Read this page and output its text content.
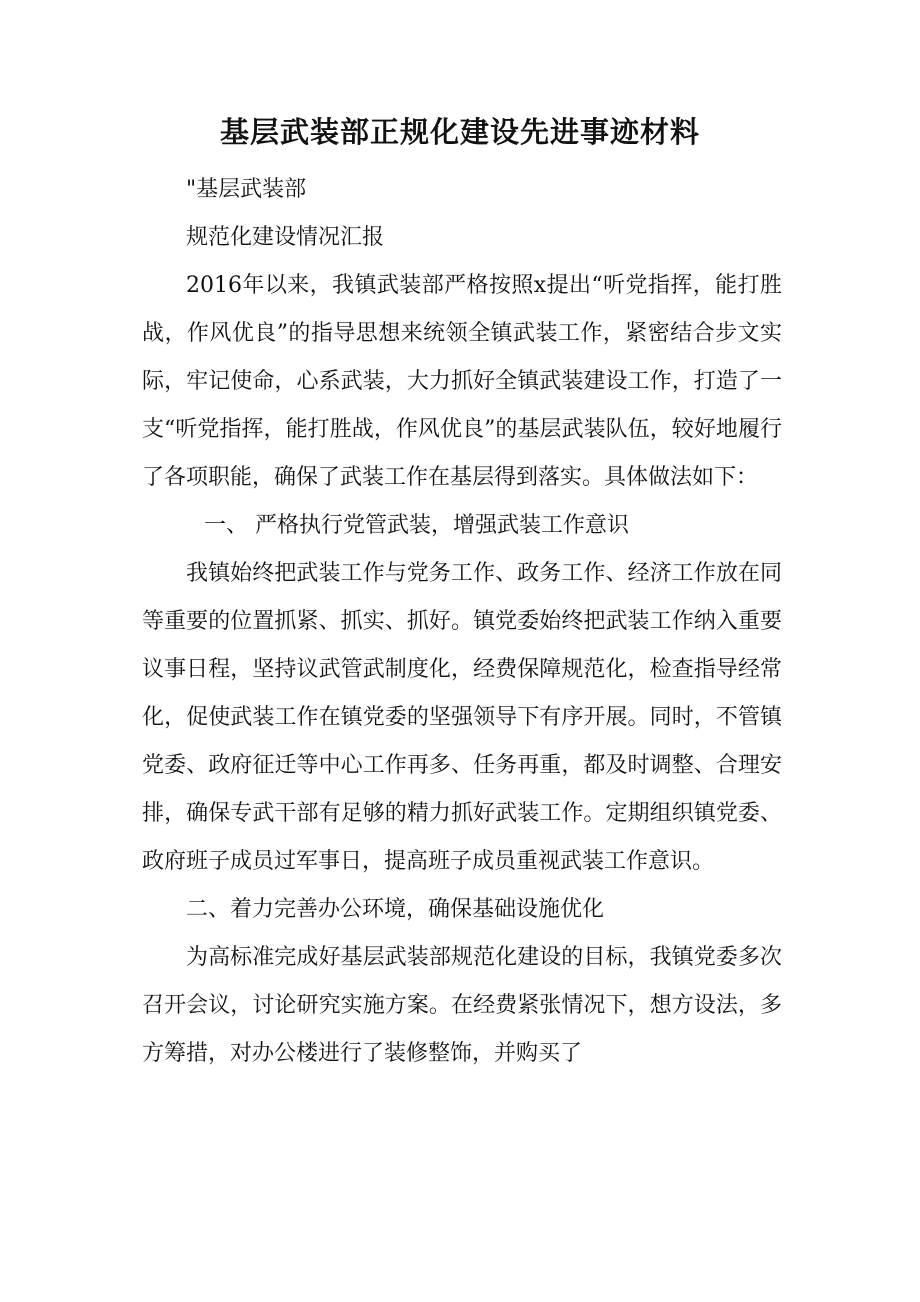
基层武装部正规化建设先进事迹材料

"基层武装部

规范化建设情况汇报

2016年以来，我镇武装部严格按照x提出“听党指挥，能打胜战，作风优良”的指导思想来统领全镇武装工作，紧密结合步文实际，牢记使命，心系武装，大力抓好全镇武装建设工作，打造了一支“听党指挥，能打胜战，作风优良”的基层武装队伍，较好地履行了各项职能，确保了武装工作在基层得到落实。具体做法如下：

一、 严格执行党管武装，增强武装工作意识

我镇始终把武装工作与党务工作、政务工作、经济工作放在同等重要的位置抓紧、抓实、抓好。镇党委始终把武装工作纳入重要议事日程，坚持议武管武制度化，经费保障规范化，检查指导经常化，促使武装工作在镇党委的坚强领导下有序开展。同时，不管镇党委、政府征迁等中心工作再多、任务再重，都及时调整、合理安排，确保专武干部有足够的精力抓好武装工作。定期组织镇党委、政府班子成员过军事日，提高班子成员重视武装工作意识。

二、着力完善办公环境，确保基础设施优化

为高标准完成好基层武装部规范化建设的目标，我镇党委多次召开会议，讨论研究实施方案。在经费紧张情况下，想方设法，多方筹措，对办公楼进行了装修整饰，并购买了
